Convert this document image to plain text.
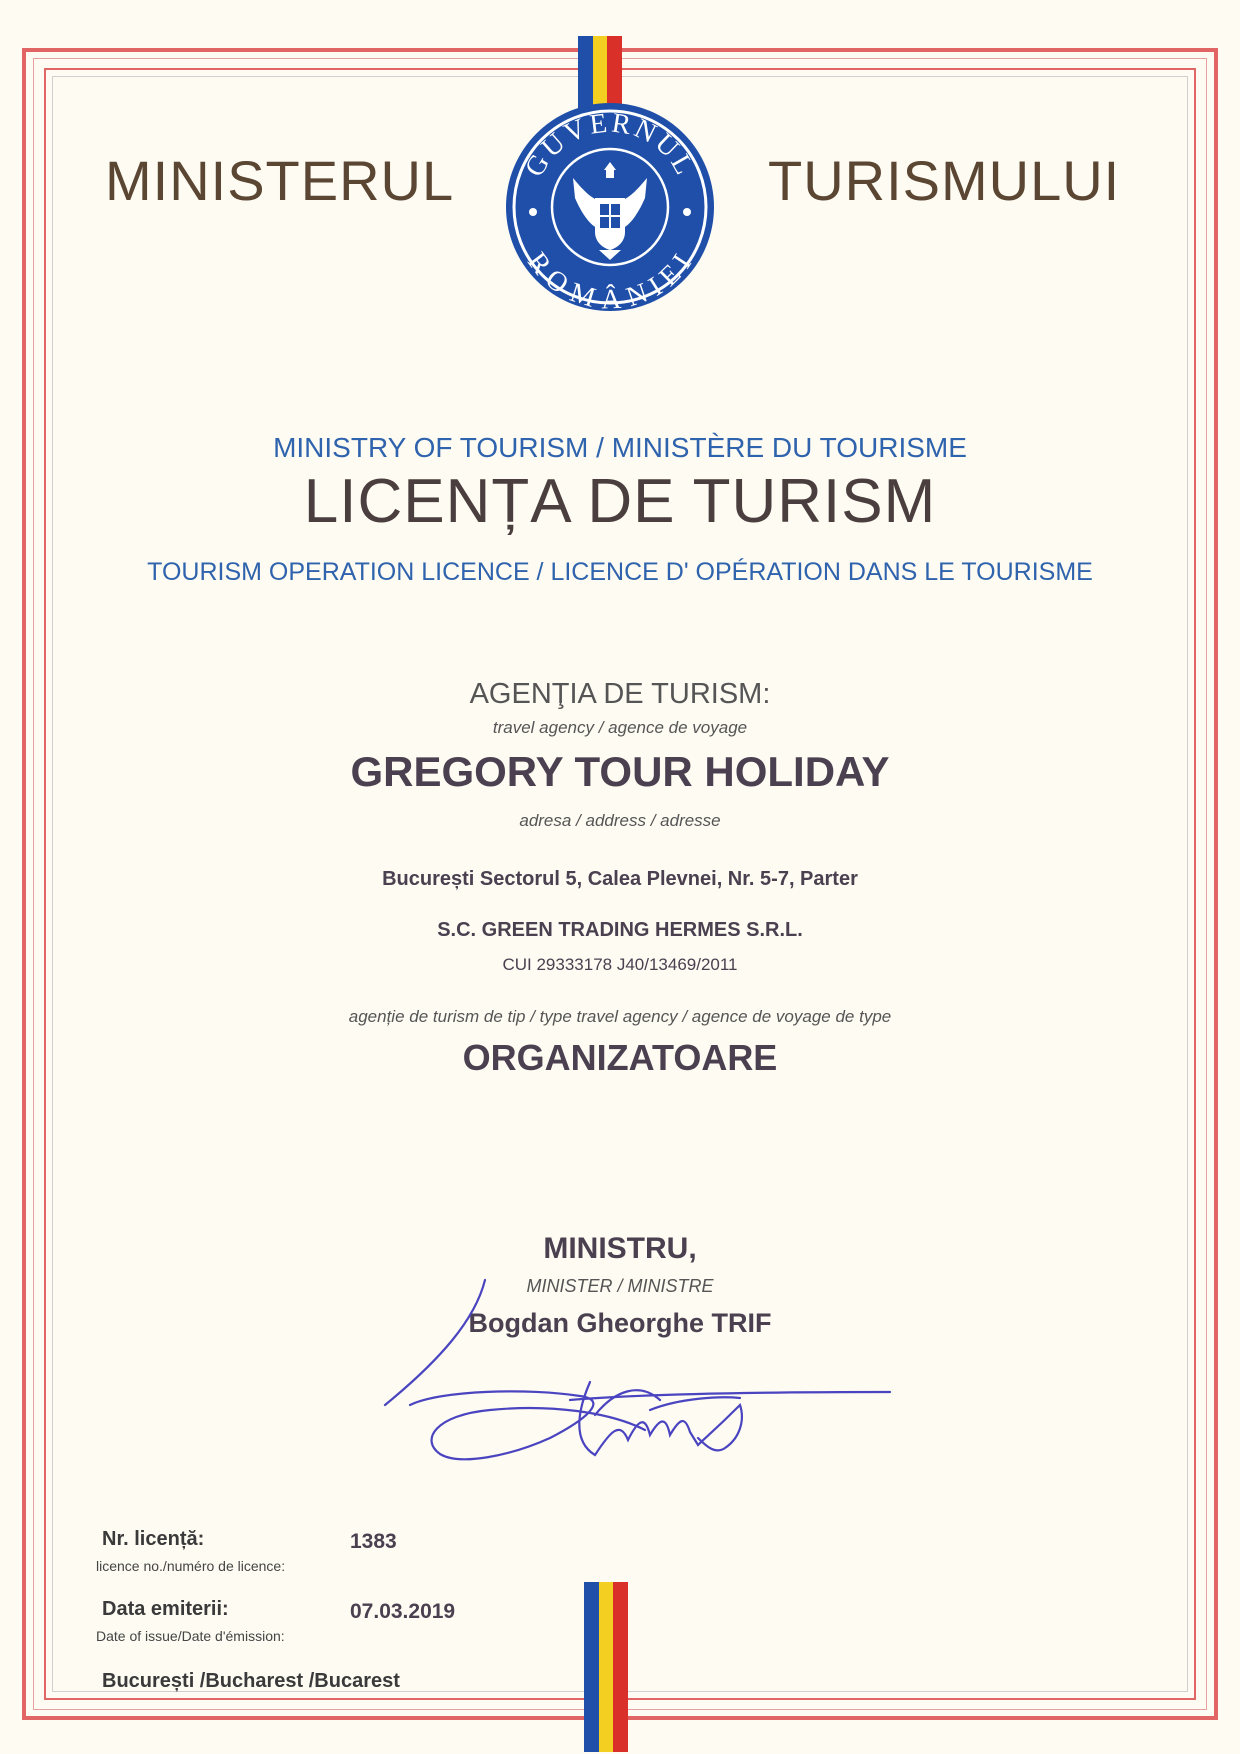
MINISTERUL	TURISMULUI
GUVERNUL
ROMÂNIEI
MINISTRY OF TOURISM / MINISTÈRE DU TOURISME
LICENȚA DE TURISM
TOURISM OPERATION LICENCE / LICENCE D' OPÉRATION DANS LE TOURISME
AGENŢIA DE TURISM:
travel agency / agence de voyage
GREGORY TOUR HOLIDAY
adresa / address / adresse
București Sectorul 5, Calea Plevnei, Nr. 5-7, Parter
S.C. GREEN TRADING HERMES S.R.L.
CUI 29333178 J40/13469/2011
agenție de turism de tip / type travel agency / agence de voyage de type
ORGANIZATOARE
MINISTRU,
MINISTER / MINISTRE
Bogdan Gheorghe TRIF
Nr. licență:
licence no./numéro de licence:
1383
Data emiterii:
Date of issue/Date d'émission:
07.03.2019
București /Bucharest /Bucarest
